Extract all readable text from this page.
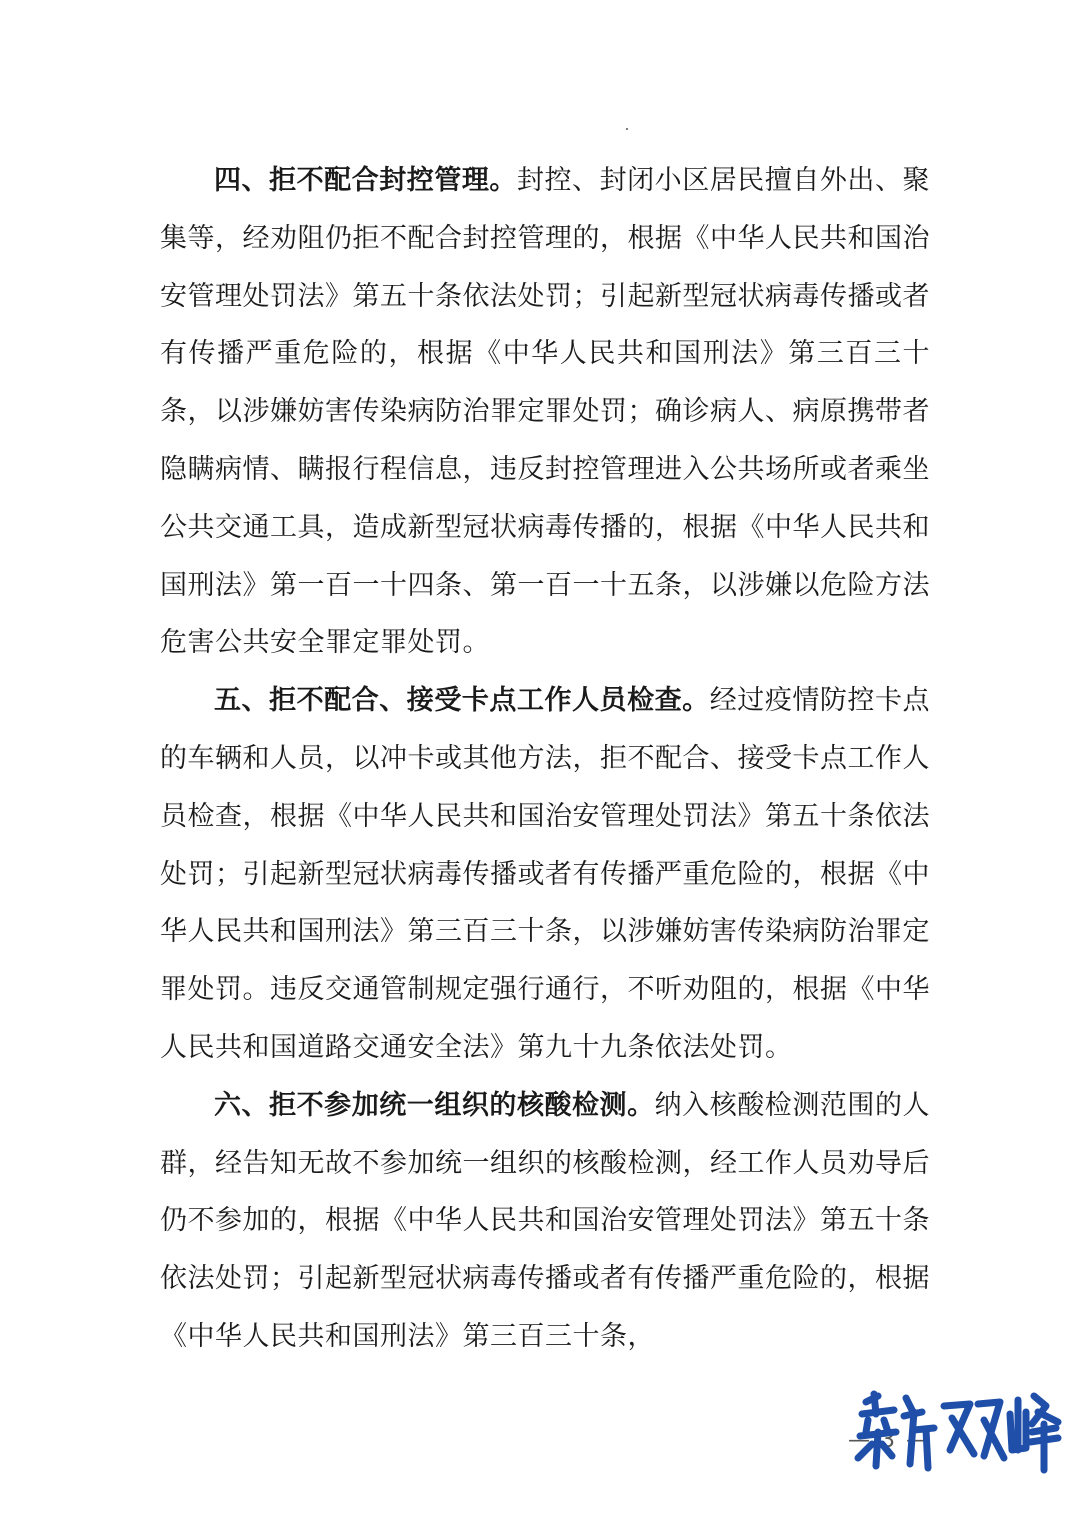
四、拒不配合封控管理。封控、封闭小区居民擅自外出、聚集等，经劝阻仍拒不配合封控管理的，根据《中华人民共和国治安管理处罚法》第五十条依法处罚；引起新型冠状病毒传播或者有传播严重危险的，根据《中华人民共和国刑法》第三百三十条，以涉嫌妨害传染病防治罪定罪处罚；确诊病人、病原携带者隐瞒病情、瞒报行程信息，违反封控管理进入公共场所或者乘坐公共交通工具，造成新型冠状病毒传播的，根据《中华人民共和国刑法》第一百一十四条、第一百一十五条，以涉嫌以危险方法危害公共安全罪定罪处罚。

五、拒不配合、接受卡点工作人员检查。经过疫情防控卡点的车辆和人员，以冲卡或其他方法，拒不配合、接受卡点工作人员检查，根据《中华人民共和国治安管理处罚法》第五十条依法处罚；引起新型冠状病毒传播或者有传播严重危险的，根据《中华人民共和国刑法》第三百三十条，以涉嫌妨害传染病防治罪定罪处罚。违反交通管制规定强行通行，不听劝阻的，根据《中华人民共和国道路交通安全法》第九十九条依法处罚。

六、拒不参加统一组织的核酸检测。纳入核酸检测范围的人群，经告知无故不参加统一组织的核酸检测，经工作人员劝导后仍不参加的，根据《中华人民共和国治安管理处罚法》第五十条依法处罚；引起新型冠状病毒传播或者有传播严重危险的，根据《中华人民共和国刑法》第三百三十条，

— 3 —
